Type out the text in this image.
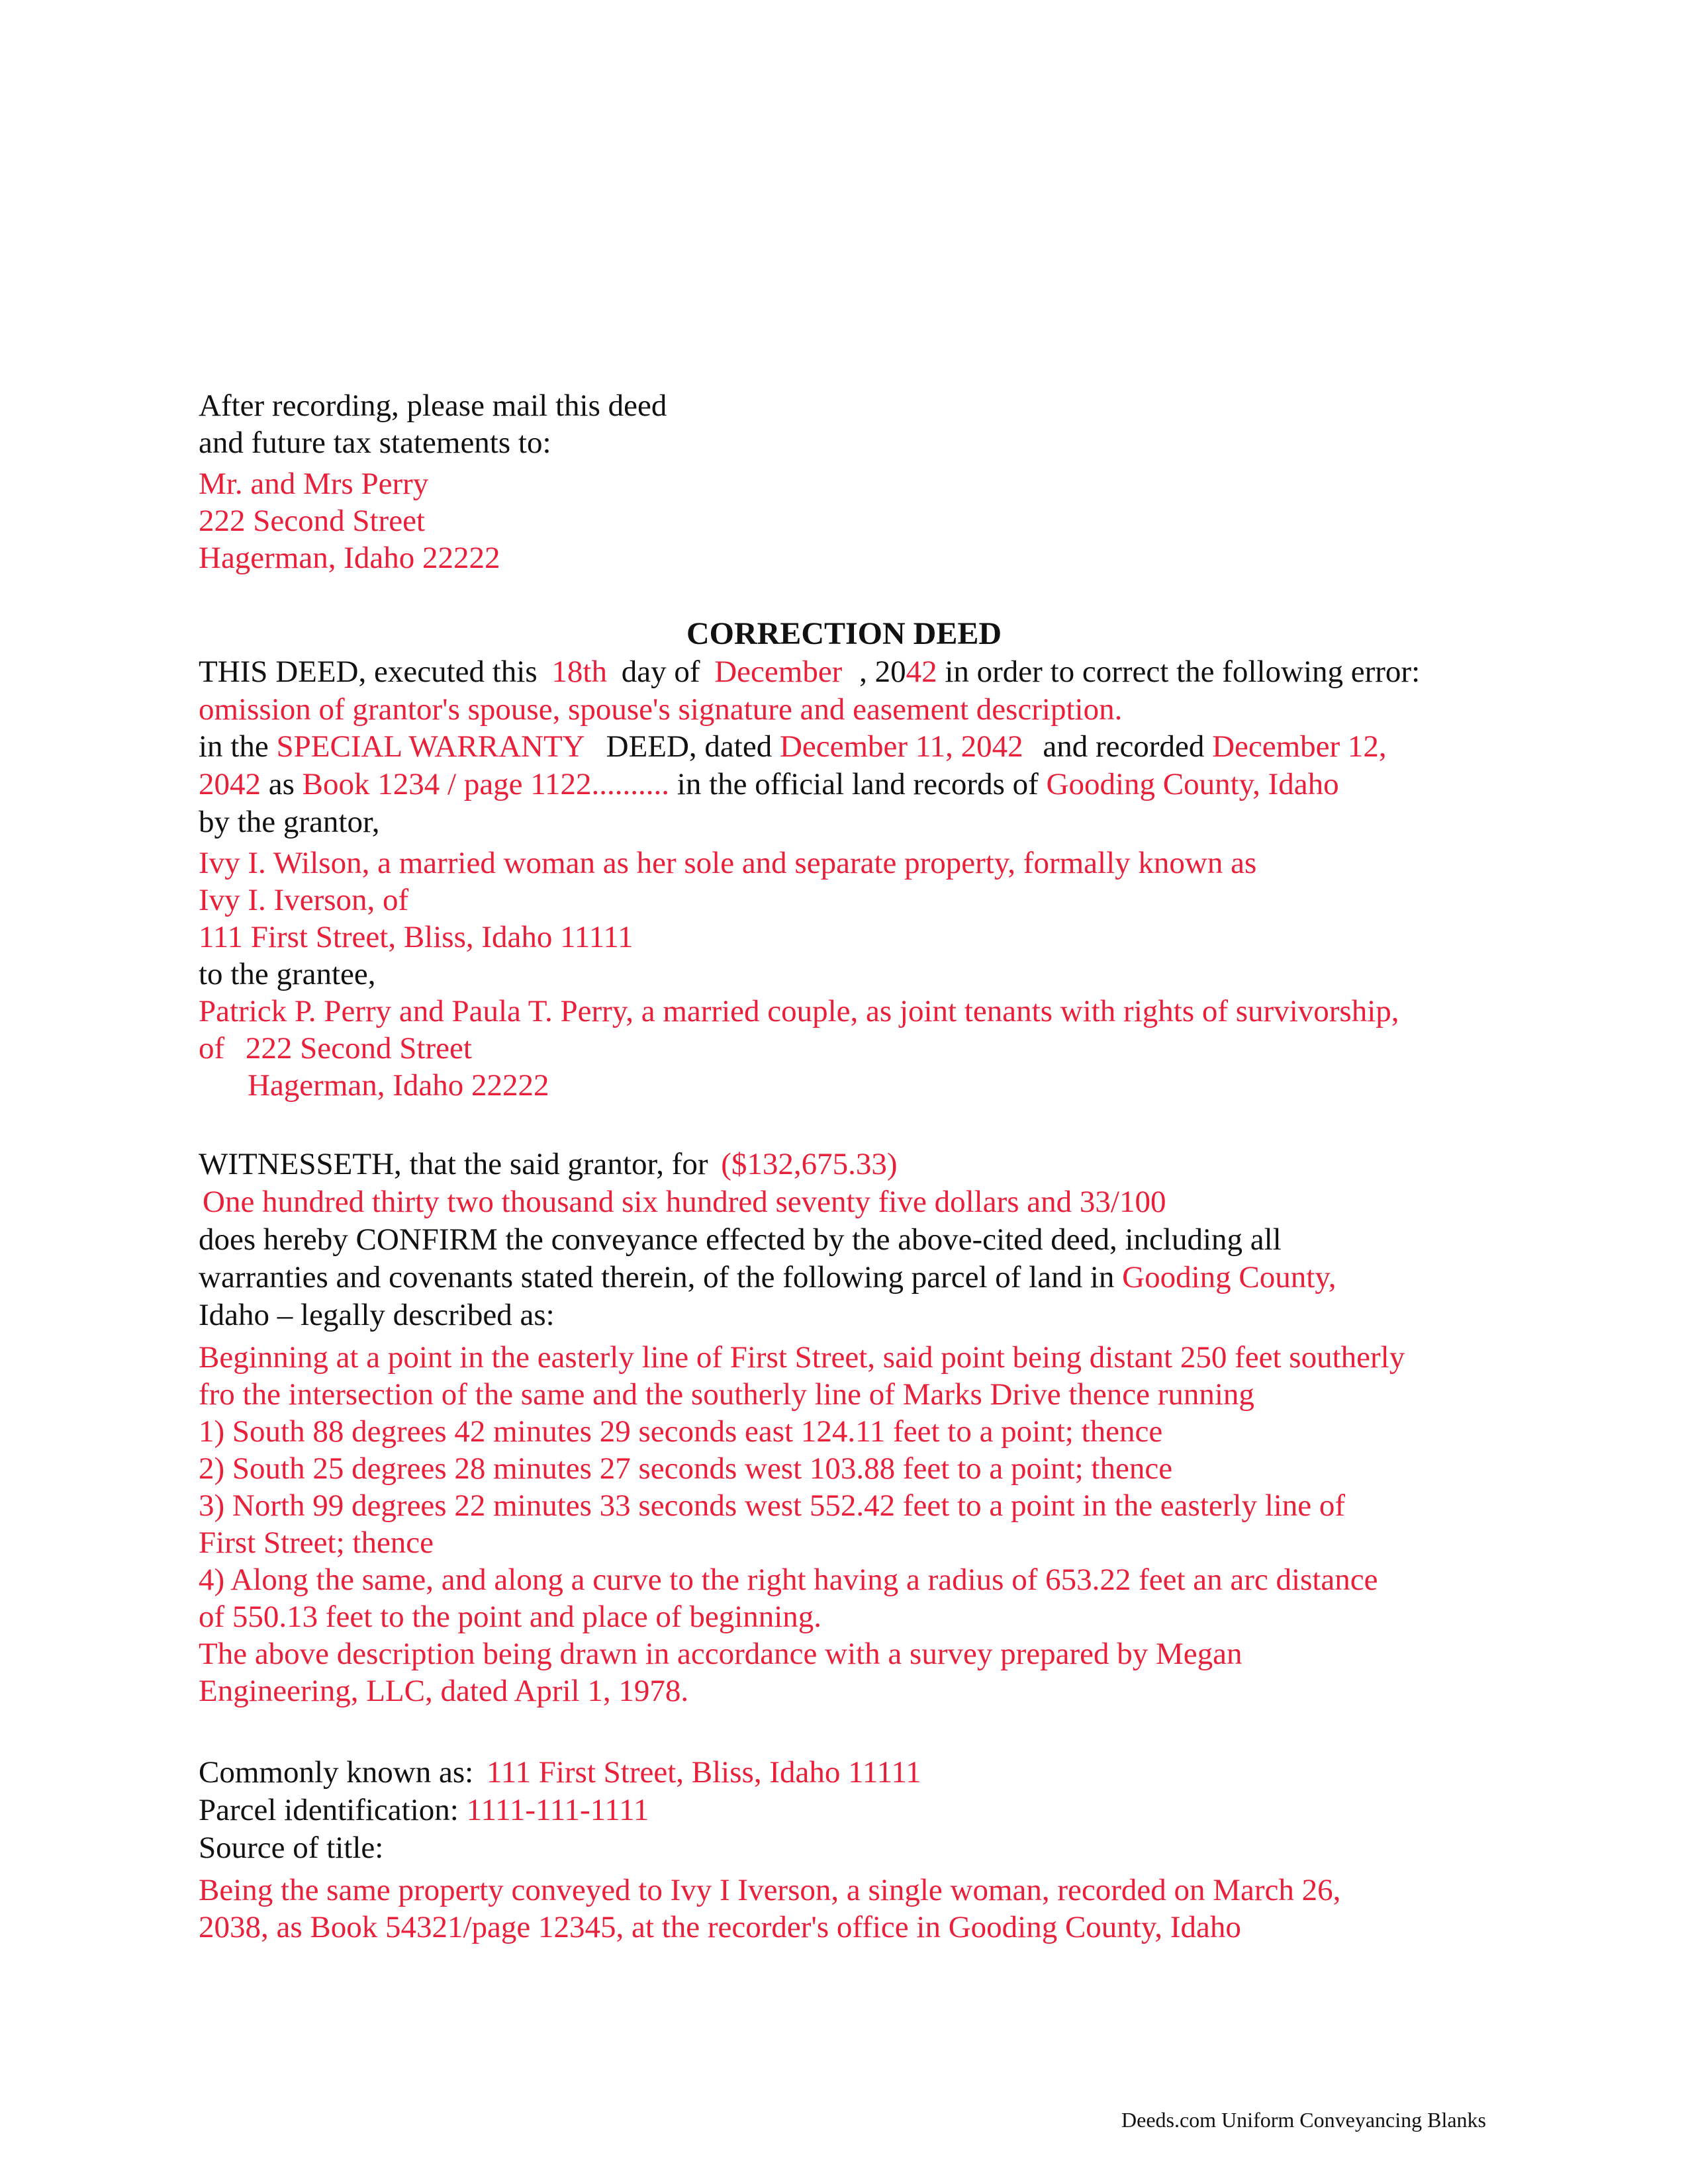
After recording, please mail this deed
and future tax statements to:
Mr. and Mrs Perry
222 Second Street
Hagerman, Idaho 22222
CORRECTION DEED
THIS DEED, executed this 18th day of December , 2042 in order to correct the following error:
omission of grantor's spouse, spouse's signature and easement description.
in the SPECIAL WARRANTY DEED, dated December 11, 2042 and recorded December 12,
2042 as Book 1234 / page 1122.......... in the official land records of Gooding County, Idaho
by the grantor,
Ivy I. Wilson, a married woman as her sole and separate property, formally known as
Ivy I. Iverson, of
111 First Street, Bliss, Idaho 11111
to the grantee,
Patrick P. Perry and Paula T. Perry, a married couple, as joint tenants with rights of survivorship,
of 222 Second Street
Hagerman, Idaho 22222
WITNESSETH, that the said grantor, for ($132,675.33)
One hundred thirty two thousand six hundred seventy five dollars and 33/100
does hereby CONFIRM the conveyance effected by the above-cited deed, including all
warranties and covenants stated therein, of the following parcel of land in Gooding County,
Idaho – legally described as:
Beginning at a point in the easterly line of First Street, said point being distant 250 feet southerly
fro the intersection of the same and the southerly line of Marks Drive thence running
1) South 88 degrees 42 minutes 29 seconds east 124.11 feet to a point; thence
2) South 25 degrees 28 minutes 27 seconds west 103.88 feet to a point; thence
3) North 99 degrees 22 minutes 33 seconds west 552.42 feet to a point in the easterly line of
First Street; thence
4) Along the same, and along a curve to the right having a radius of 653.22 feet an arc distance
of 550.13 feet to the point and place of beginning.
The above description being drawn in accordance with a survey prepared by Megan
Engineering, LLC, dated April 1, 1978.
Commonly known as: 111 First Street, Bliss, Idaho 11111
Parcel identification: 1111-111-1111
Source of title:
Being the same property conveyed to Ivy I Iverson, a single woman, recorded on March 26,
2038, as Book 54321/page 12345, at the recorder's office in Gooding County, Idaho
Deeds.com Uniform Conveyancing Blanks
